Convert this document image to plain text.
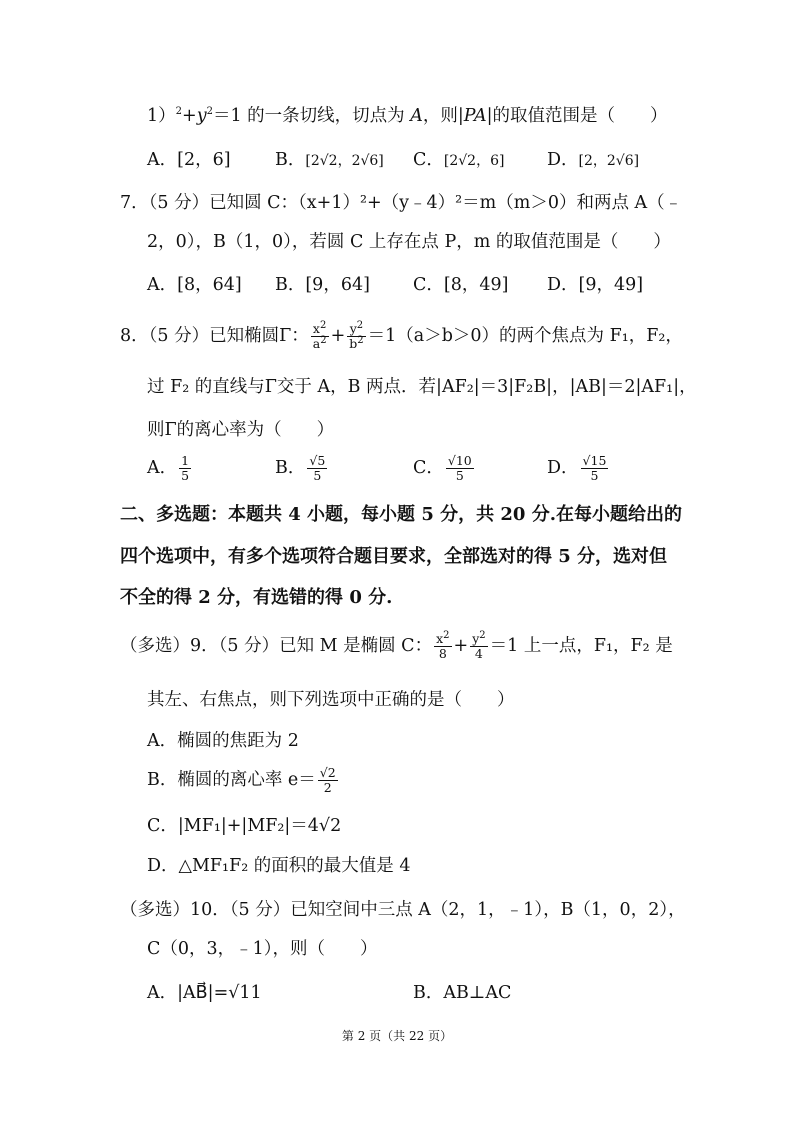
$1)^2+y^2=1$ 的一条切线，切点为 A，则|PA|的取值范围是（　　）
A．[2，6]	B．[2√2，2√6] C．[2√2，6] D．[2，2√6]
7．（5 分）已知圆 C：（x+1）²+（y﹣4）²＝m（m＞0）和两点 A（﹣
2，0），B（1，0），若圆 C 上存在点 P，m 的取值范围是（　　）
A．[8，64] B．[9，64] C．[8，49] D．[9，49]
8．（5 分）已知椭圆Γ： $\frac{x^2}{a^2} + \frac{y^2}{b^2} =1(a>b>0)$的两个焦点为 F₁，F₂，
过 F₂ 的直线与Γ交于 A，B 两点．若|AF₂|＝3|F₂B|，|AB|＝2|AF₁|，
则Γ的离心率为（　　）
A． $\frac{1}{5}$	B． $\frac{√5}{5}$	C． $\frac{√10}{5}$	D． $\frac{√15}{5}$
二、多选题：本题共 4 小题，每小题 5 分，共 20 分.在每小题给出的
四个选项中，有多个选项符合题目要求，全部选对的得 5 分，选对但
不全的得 2 分，有选错的得 0 分.
（多选）9．（5 分）已知 M 是椭圆 C： $\frac{x^2}{8} + \frac{y^2}{4} =1$ 上一点，F₁，F₂ 是
其左、右焦点，则下列选项中正确的是（　　）
A．椭圆的焦距为 2
B．椭圆的离心率 $e= \frac{√2}{2}$
C．|MF₁|+|MF₂|＝4√2
D．△MF₁F₂ 的面积的最大值是 4
（多选）10．（5 分）已知空间中三点 A（2，1，﹣1），B（1，0，2），
C（0，3，﹣1），则（　　）
A．|AB⃗|=√11	B．AB⊥AC
第 2 页（共 22 页）
